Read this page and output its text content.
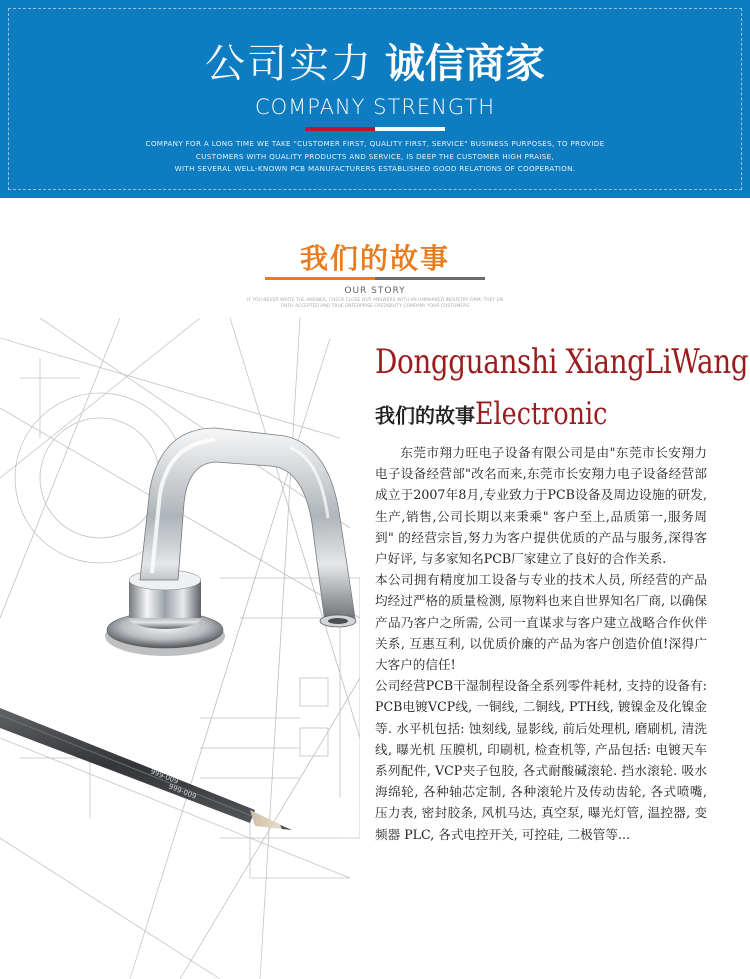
公司实力 诚信商家
COMPANY STRENGTH
COMPANY FOR A LONG TIME WE TAKE "CUSTOMER FIRST, QUALITY FIRST, SERVICE" BUSINESS PURPOSES, TO PROVIDE
CUSTOMERS WITH QUALITY PRODUCTS AND SERVICE, IS DEEP THE CUSTOMER HIGH PRAISE,
WITH SEVERAL WELL-KNOWN PCB MANUFACTURERS ESTABLISHED GOOD RELATIONS OF COOPERATION.
我们的故事
OUR STORY
IF YOU NEVER WRITE THE ANSWER, CHECK CLOSE OUT ANSWERS WITH AN UNMARKED INDUSTRY FIRM, THEY EN
FAITH ACCEPTED AND TRUE ENTERPRISE CREDIBILITY COMPANY YOUR CUSTOMERS
Dongguanshi XiangLiWang
我们的故事Electronic

东莞市翔力旺电子设备有限公司是由"东莞市长安翔力电子设备经营部"改名而来,东莞市长安翔力电子设备经营部成立于2007年8月,专业致力于PCB设备及周边设施的研发,生产,销售,公司长期以来秉乘" 客户至上,品质第一,服务周到" 的经营宗旨,努力为客户提供优质的产品与服务,深得客户好评, 与多家知名PCB厂家建立了良好的合作关系.

本公司拥有精度加工设备与专业的技术人员, 所经营的产品均经过严格的质量检测, 原物料也来自世界知名厂商, 以确保产品乃客户之所需, 公司一直谋求与客户建立战略合作伙伴关系, 互惠互利, 以优质价廉的产品为客户创造价值!深得广大客户的信任!

公司经营PCB干湿制程设备全系列零件耗材, 支持的设备有: PCB电镀VCP线, 一铜线, 二铜线, PTH线, 镀镍金及化镍金等. 水平机包括: 蚀刻线, 显影线, 前后处理机, 磨刷机, 清洗线, 曝光机 压膜机, 印刷机, 检查机等, 产品包括: 电镀天车系列配件, VCP夹子包胶, 各式耐酸碱滚轮. 挡水滚轮. 吸水海绵轮, 各种轴芯定制, 各种滚轮片及传动齿轮, 各式喷嘴, 压力表, 密封胶条, 风机马达, 真空泵, 曝光灯管, 温控器, 变频器 PLC, 各式电控开关, 可控硅, 二极管等...
